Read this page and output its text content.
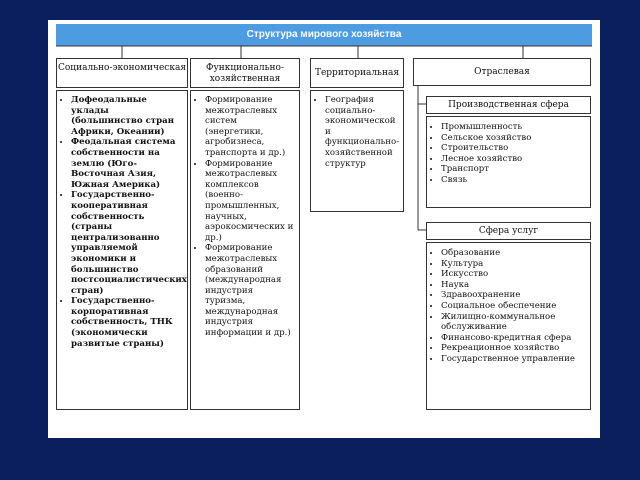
Структура мирового хозяйства
Социально-экономическая
• Дофеодальные уклады (большинство стран Африки, Океании)
• Феодальная система собственности на землю (Юго-Восточная Азия, Южная Америка)
• Государственно-кооперативная собственность (страны централизованно управляемой экономики и большинство постсоциалистических стран)
• Государственно-корпоративная собственность, ТНК (экономически развитые страны)
Функционально-хозяйственная
• Формирование межотраслевых систем (энергетики, агробизнеса, транспорта и др.)
• Формирование межотраслевых комплексов (военно-промышленных, научных, аэрокосмических и др.)
• Формирование межотраслевых образований (международная индустрия туризма, международная индустрия информации и др.)
Территориальная
• География социально-экономической и функционально-хозяйственной структур
Отраслевая
Производственная сфера
• Промышленность
• Сельское хозяйство
• Строительство
• Лесное хозяйство
• Транспорт
• Связь
Сфера услуг
• Образование
• Культура
• Искусство
• Наука
• Здравоохранение
• Социальное обеспечение
• Жилищно-коммунальное обслуживание
• Финансово-кредитная сфера
• Рекреационное хозяйство
• Государственное управление
